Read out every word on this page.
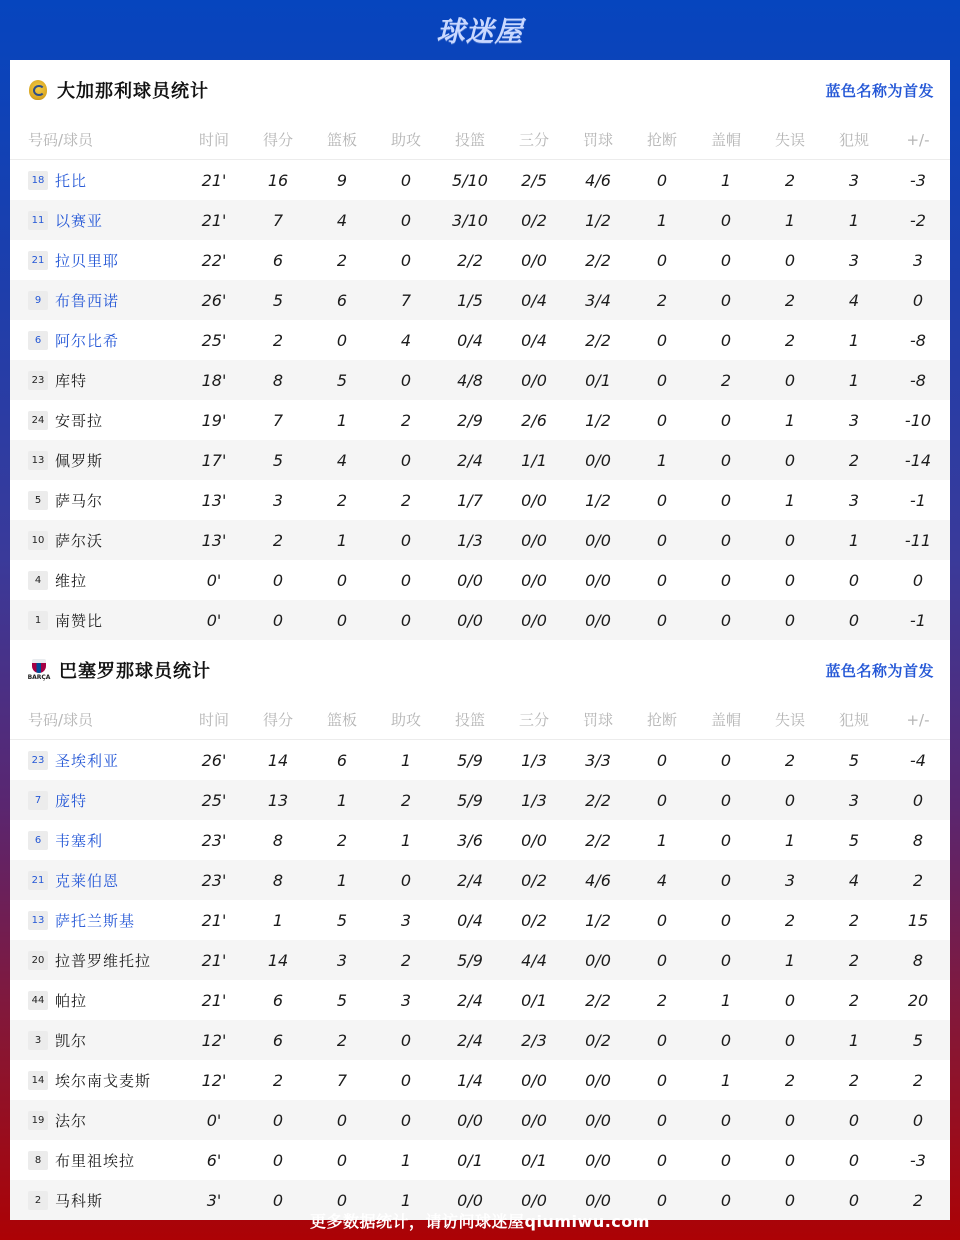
球迷屋
大加那利球员统计	蓝色名称为首发
号码/球员	时间	得分	篮板	助攻	投篮	三分	罚球	抢断	盖帽	失误	犯规	+/-
18 托比	21'	16	9	0	5/10	2/5	4/6	0	1	2	3	-3
11 以赛亚	21'	7	4	0	3/10	0/2	1/2	1	0	1	1	-2
21 拉贝里耶	22'	6	2	0	2/2	0/0	2/2	0	0	0	3	3
9 布鲁西诺	26'	5	6	7	1/5	0/4	3/4	2	0	2	4	0
6 阿尔比希	25'	2	0	4	0/4	0/4	2/2	0	0	2	1	-8
23 库特	18'	8	5	0	4/8	0/0	0/1	0	2	0	1	-8
24 安哥拉	19'	7	1	2	2/9	2/6	1/2	0	0	1	3	-10
13 佩罗斯	17'	5	4	0	2/4	1/1	0/0	1	0	0	2	-14
5 萨马尔	13'	3	2	2	1/7	0/0	1/2	0	0	1	3	-1
10 萨尔沃	13'	2	1	0	1/3	0/0	0/0	0	0	0	1	-11
4 维拉	0'	0	0	0	0/0	0/0	0/0	0	0	0	0	0
1 南赞比	0'	0	0	0	0/0	0/0	0/0	0	0	0	0	-1
BARÇA 巴塞罗那球员统计	蓝色名称为首发
号码/球员	时间	得分	篮板	助攻	投篮	三分	罚球	抢断	盖帽	失误	犯规	+/-
23 圣埃利亚	26'	14	6	1	5/9	1/3	3/3	0	0	2	5	-4
7 庞特	25'	13	1	2	5/9	1/3	2/2	0	0	0	3	0
6 韦塞利	23'	8	2	1	3/6	0/0	2/2	1	0	1	5	8
21 克莱伯恩	23'	8	1	0	2/4	0/2	4/6	4	0	3	4	2
13 萨托兰斯基	21'	1	5	3	0/4	0/2	1/2	0	0	2	2	15
20 拉普罗维托拉	21'	14	3	2	5/9	4/4	0/0	0	0	1	2	8
44 帕拉	21'	6	5	3	2/4	0/1	2/2	2	1	0	2	20
3 凯尔	12'	6	2	0	2/4	2/3	0/2	0	0	0	1	5
14 埃尔南戈麦斯	12'	2	7	0	1/4	0/0	0/0	0	1	2	2	2
19 法尔	0'	0	0	0	0/0	0/0	0/0	0	0	0	0	0
8 布里祖埃拉	6'	0	0	1	0/1	0/1	0/0	0	0	0	0	-3
2 马科斯	3'	0	0	1	0/0	0/0	0/0	0	0	0	0	2
更多数据统计，请访问球迷屋qiumiwu.com
